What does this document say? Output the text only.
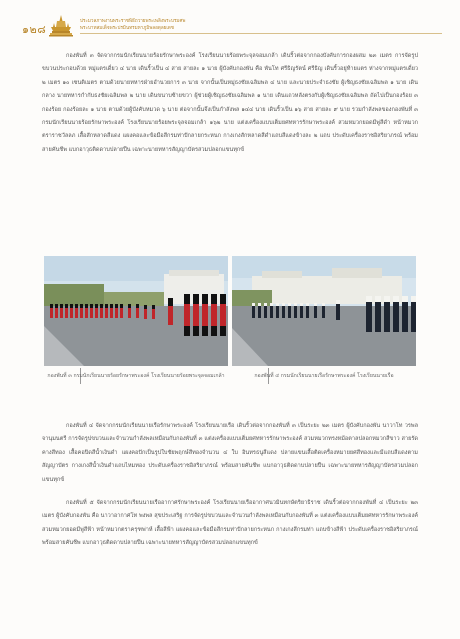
๑๒๘
ประมวลภาพงานพระราชพิธีถวายพระเพลิงพระบรมศพ
พระบาทสมเด็จพระปรมินทรมหาภูมิพลอดุลยเดช

กองพันที่ ๓ จัดจากกรมนักเรียนนายร้อยรักษาพระองค์ โรงเรียนนายร้อยพระจุลจอมเกล้า เดินริ้วต่อจากกองบังคับการกองผสม ๒๓ เมตร การจัดรูปขบวนประกอบด้วย หมู่แตรเดี่ยว ๔ นาย เดินริ้วเป็น ๔ สาย สายละ ๑ นาย ผู้บังคับกองพัน คือ พันโท ศรีธิญรัตน์ ศรีธิญ เดินริ้วอยู่ท้ายแตร ห่างจากหมู่แตรเดี่ยว ๒ เมตร ๑๐ เซนติเมตร ตามด้วยนายทหารฝ่ายอำนวยการ ๓ นาย จากนั้นเป็นหมู่ธงชัยเฉลิมพล ๔ นาย และนายประจำธงชัย ผู้เชิญธงชัยเฉลิมพล ๑ นาย เดินกลาง นายทหารกำกับธงชัยเฉลิมพล ๒ นาย เดินขนาบซ้ายขวา ผู้ช่วยผู้เชิญธงชัยเฉลิมพล ๑ นาย เดินแถวหลังตรงกับผู้เชิญธงชัยเฉลิมพล ถัดไปเป็นกองร้อย ๓ กองร้อย กองร้อยละ ๑ นาย ตามด้วยผู้บังคับหมวด ๖ นาย ต่อจากนั้นจึงเป็นกำลังพล ๑๔๔ นาย เดินริ้วเป็น ๑๖ สาย สายละ ๙ นาย รวมกำลังพลของกองพันที่ ๓ กรมนักเรียนนายร้อยรักษาพระองค์ โรงเรียนนายร้อยพระจุลจอมเกล้า ๑๖๒ นาย แต่งเครื่องแบบเต็มยศทหารรักษาพระองค์ สวมหมวกยอดมีพู่สีดำ หน้าหมวกตราราชวัลลภ เสื้อสักหลาดสีแดง แผงคอและข้อมือสีกรมท่าปักลายกระหนก กางเกงสักหลาดสีดำแถบสีแดงข้างละ ๒ แถบ ประดับเครื่องราชอิสริยาภรณ์ พร้อมสายคันชีพ แบกอาวุธติดดาบปลายปืน เฉพาะนายทหารสัญญาบัตรสวมปลอกแขนทุกข์

กองพันที่ ๓ กรมนักเรียนนายร้อยรักษาพระองค์ โรงเรียนนายร้อยพระจุลจอมเกล้า	กองพันที่ ๔ กรมนักเรียนนายเรือรักษาพระองค์ โรงเรียนนายเรือ

กองพันที่ ๔ จัดจากกรมนักเรียนนายเรือรักษาพระองค์ โรงเรียนนายเรือ เดินริ้วต่อจากกองพันที่ ๓ เป็นระยะ ๒๓ เมตร ผู้บังคับกองพัน นาวาโท วรพล จานุมนตรี การจัดรูปขบวนและจำนวนกำลังพลเหมือนกับกองพันที่ ๓ แต่งเครื่องแบบเต็มยศทหารรักษาพระองค์ สวมหมวกทรงหม้อตาลปลอกหมวกสีขาว สายรัดคางสีทอง เสื้อคอปิดสีน้ำเงินดำ แผงคอปักเป็นรูปใบชัยพฤกษ์สีทองจำนวน ๔ ใบ อินทรธนูสีแดง ปลายแขนเสื้อติดเครื่องหมายยศสีทองและมีแถบสีแดงตามสัญญาบัตร กางเกงสีน้ำเงินดำแถบไหมทอง ประดับเครื่องราชอิสริยาภรณ์ พร้อมสายคันชีพ แบกอาวุธติดดาบปลายปืน เฉพาะนายทหารสัญญาบัตรสวมปลอกแขนทุกข์

กองพันที่ ๕ จัดจากกรมนักเรียนนายเรืออากาศรักษาพระองค์ โรงเรียนนายเรืออากาศนวมินทกษัตริยาธิราช เดินริ้วต่อจากกองพันที่ ๔ เป็นระยะ ๒๓ เมตร ผู้บังคับกองพัน คือ นาวาอากาศโท พงพล สุขประเสริฐ การจัดรูปขบวนและจำนวนกำลังพลเหมือนกับกองพันที่ ๓ แต่งเครื่องแบบเต็มยศทหารรักษาพระองค์ สวมหมวกยอดมีพู่สีฟ้า หน้าหมวกตราครุฑพ่าห์ เสื้อสีฟ้า แผงคอและข้อมือสีกรมท่าปักลายกระหนก กางเกงสีกรมท่า แถบข้างสีฟ้า ประดับเครื่องราชอิสริยาภรณ์ พร้อมสายคันชีพ แบกอาวุธติดดาบปลายปืน เฉพาะนายทหารสัญญาบัตรสวมปลอกแขนทุกข์
